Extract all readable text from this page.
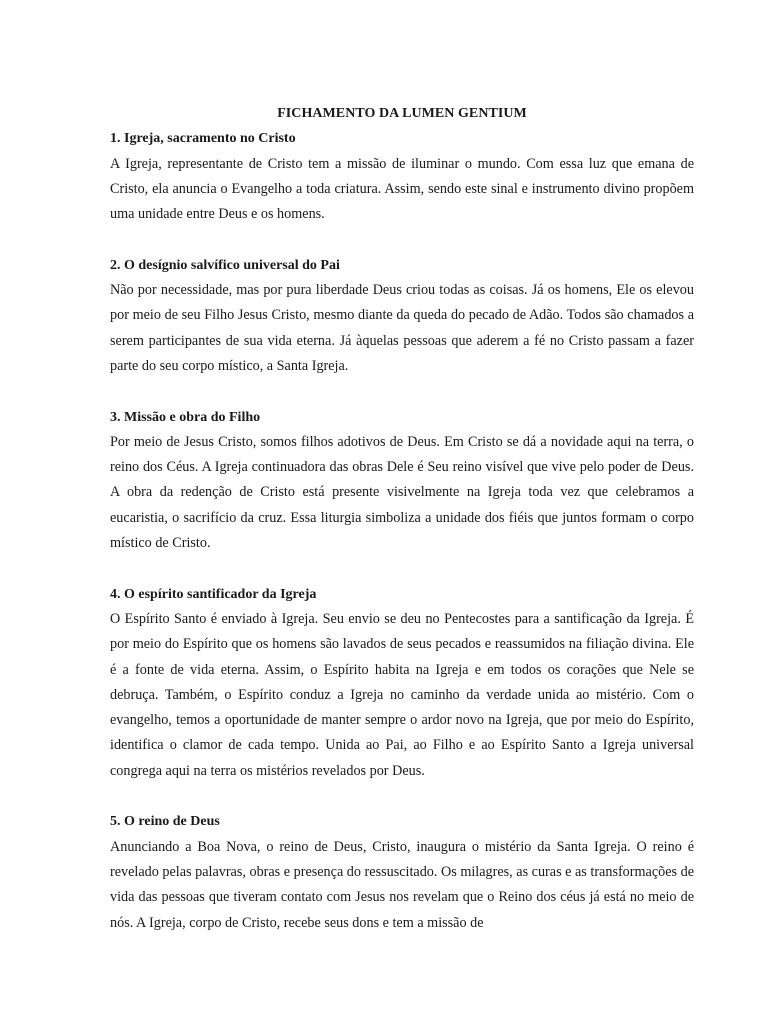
FICHAMENTO DA LUMEN GENTIUM
1. Igreja, sacramento no Cristo

A Igreja, representante de Cristo tem a missão de iluminar o mundo. Com essa luz que emana de Cristo, ela anuncia o Evangelho a toda criatura. Assim, sendo este sinal e instrumento divino propõem uma unidade entre Deus e os homens.

2. O desígnio salvífico universal do Pai

Não por necessidade, mas por pura liberdade Deus criou todas as coisas. Já os homens, Ele os elevou por meio de seu Filho Jesus Cristo, mesmo diante da queda do pecado de Adão. Todos são chamados a serem participantes de sua vida eterna. Já àquelas pessoas que aderem a fé no Cristo passam a fazer parte do seu corpo místico, a Santa Igreja.

3. Missão e obra do Filho

Por meio de Jesus Cristo, somos filhos adotivos de Deus. Em Cristo se dá a novidade aqui na terra, o reino dos Céus. A Igreja continuadora das obras Dele é Seu reino visível que vive pelo poder de Deus. A obra da redenção de Cristo está presente visivelmente na Igreja toda vez que celebramos a eucaristia, o sacrifício da cruz. Essa liturgia simboliza a unidade dos fiéis que juntos formam o corpo místico de Cristo.

4. O espírito santificador da Igreja

O Espírito Santo é enviado à Igreja. Seu envio se deu no Pentecostes para a santificação da Igreja. É por meio do Espírito que os homens são lavados de seus pecados e reassumidos na filiação divina. Ele é a fonte de vida eterna. Assim, o Espírito habita na Igreja e em todos os corações que Nele se debruça. Também, o Espírito conduz a Igreja no caminho da verdade unida ao mistério. Com o evangelho, temos a oportunidade de manter sempre o ardor novo na Igreja, que por meio do Espírito, identifica o clamor de cada tempo. Unida ao Pai, ao Filho e ao Espírito Santo a Igreja universal congrega aqui na terra os mistérios revelados por Deus.

5. O reino de Deus

Anunciando a Boa Nova, o reino de Deus, Cristo, inaugura o mistério da Santa Igreja. O reino é revelado pelas palavras, obras e presença do ressuscitado. Os milagres, as curas e as transformações de vida das pessoas que tiveram contato com Jesus nos revelam que o Reino dos céus já está no meio de nós. A Igreja, corpo de Cristo, recebe seus dons e tem a missão de
